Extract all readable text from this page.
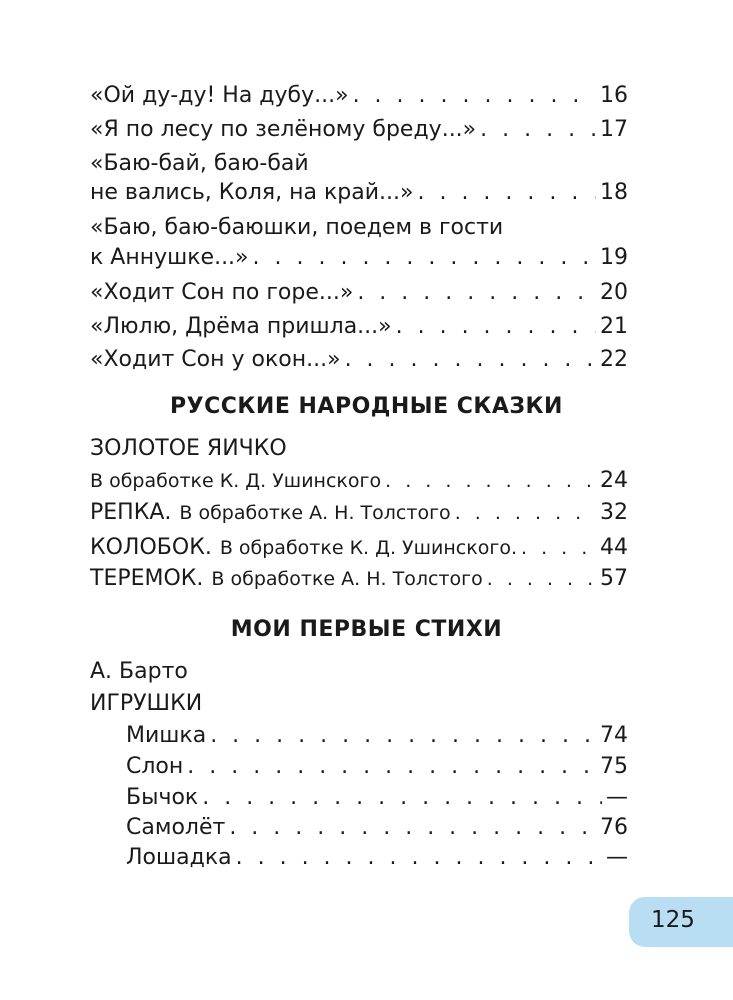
«Ой ду-ду! На дубу...» . . .	16
«Я по лесу по зелёному бреду...» . . .	17
«Баю-бай, баю-бай
не вались, Коля, на край...» . . .	18
«Баю, баю-баюшки, поедем в гости
к Аннушке...» . . .	19
«Ходит Сон по горе...» . . .	20
«Люлю, Дрёма пришла...» . . .	21
«Ходит Сон у окон...» . . .	22
РУССКИЕ НАРОДНЫЕ СКАЗКИ
ЗОЛОТОЕ ЯИЧКО
В обработке К. Д. Ушинского . . .	24
РЕПКА. В обработке А. Н. Толстого . . .	32
КОЛОБОК. В обработке К. Д. Ушинского. . . .	44
ТЕРЕМОК. В обработке А. Н. Толстого . . .	57
МОИ ПЕРВЫЕ СТИХИ
А. Барто
ИГРУШКИ
Мишка . . .	74
Слон . . .	75
Бычок . . .	—
Самолёт . . .	76
Лошадка . . .	—
125
